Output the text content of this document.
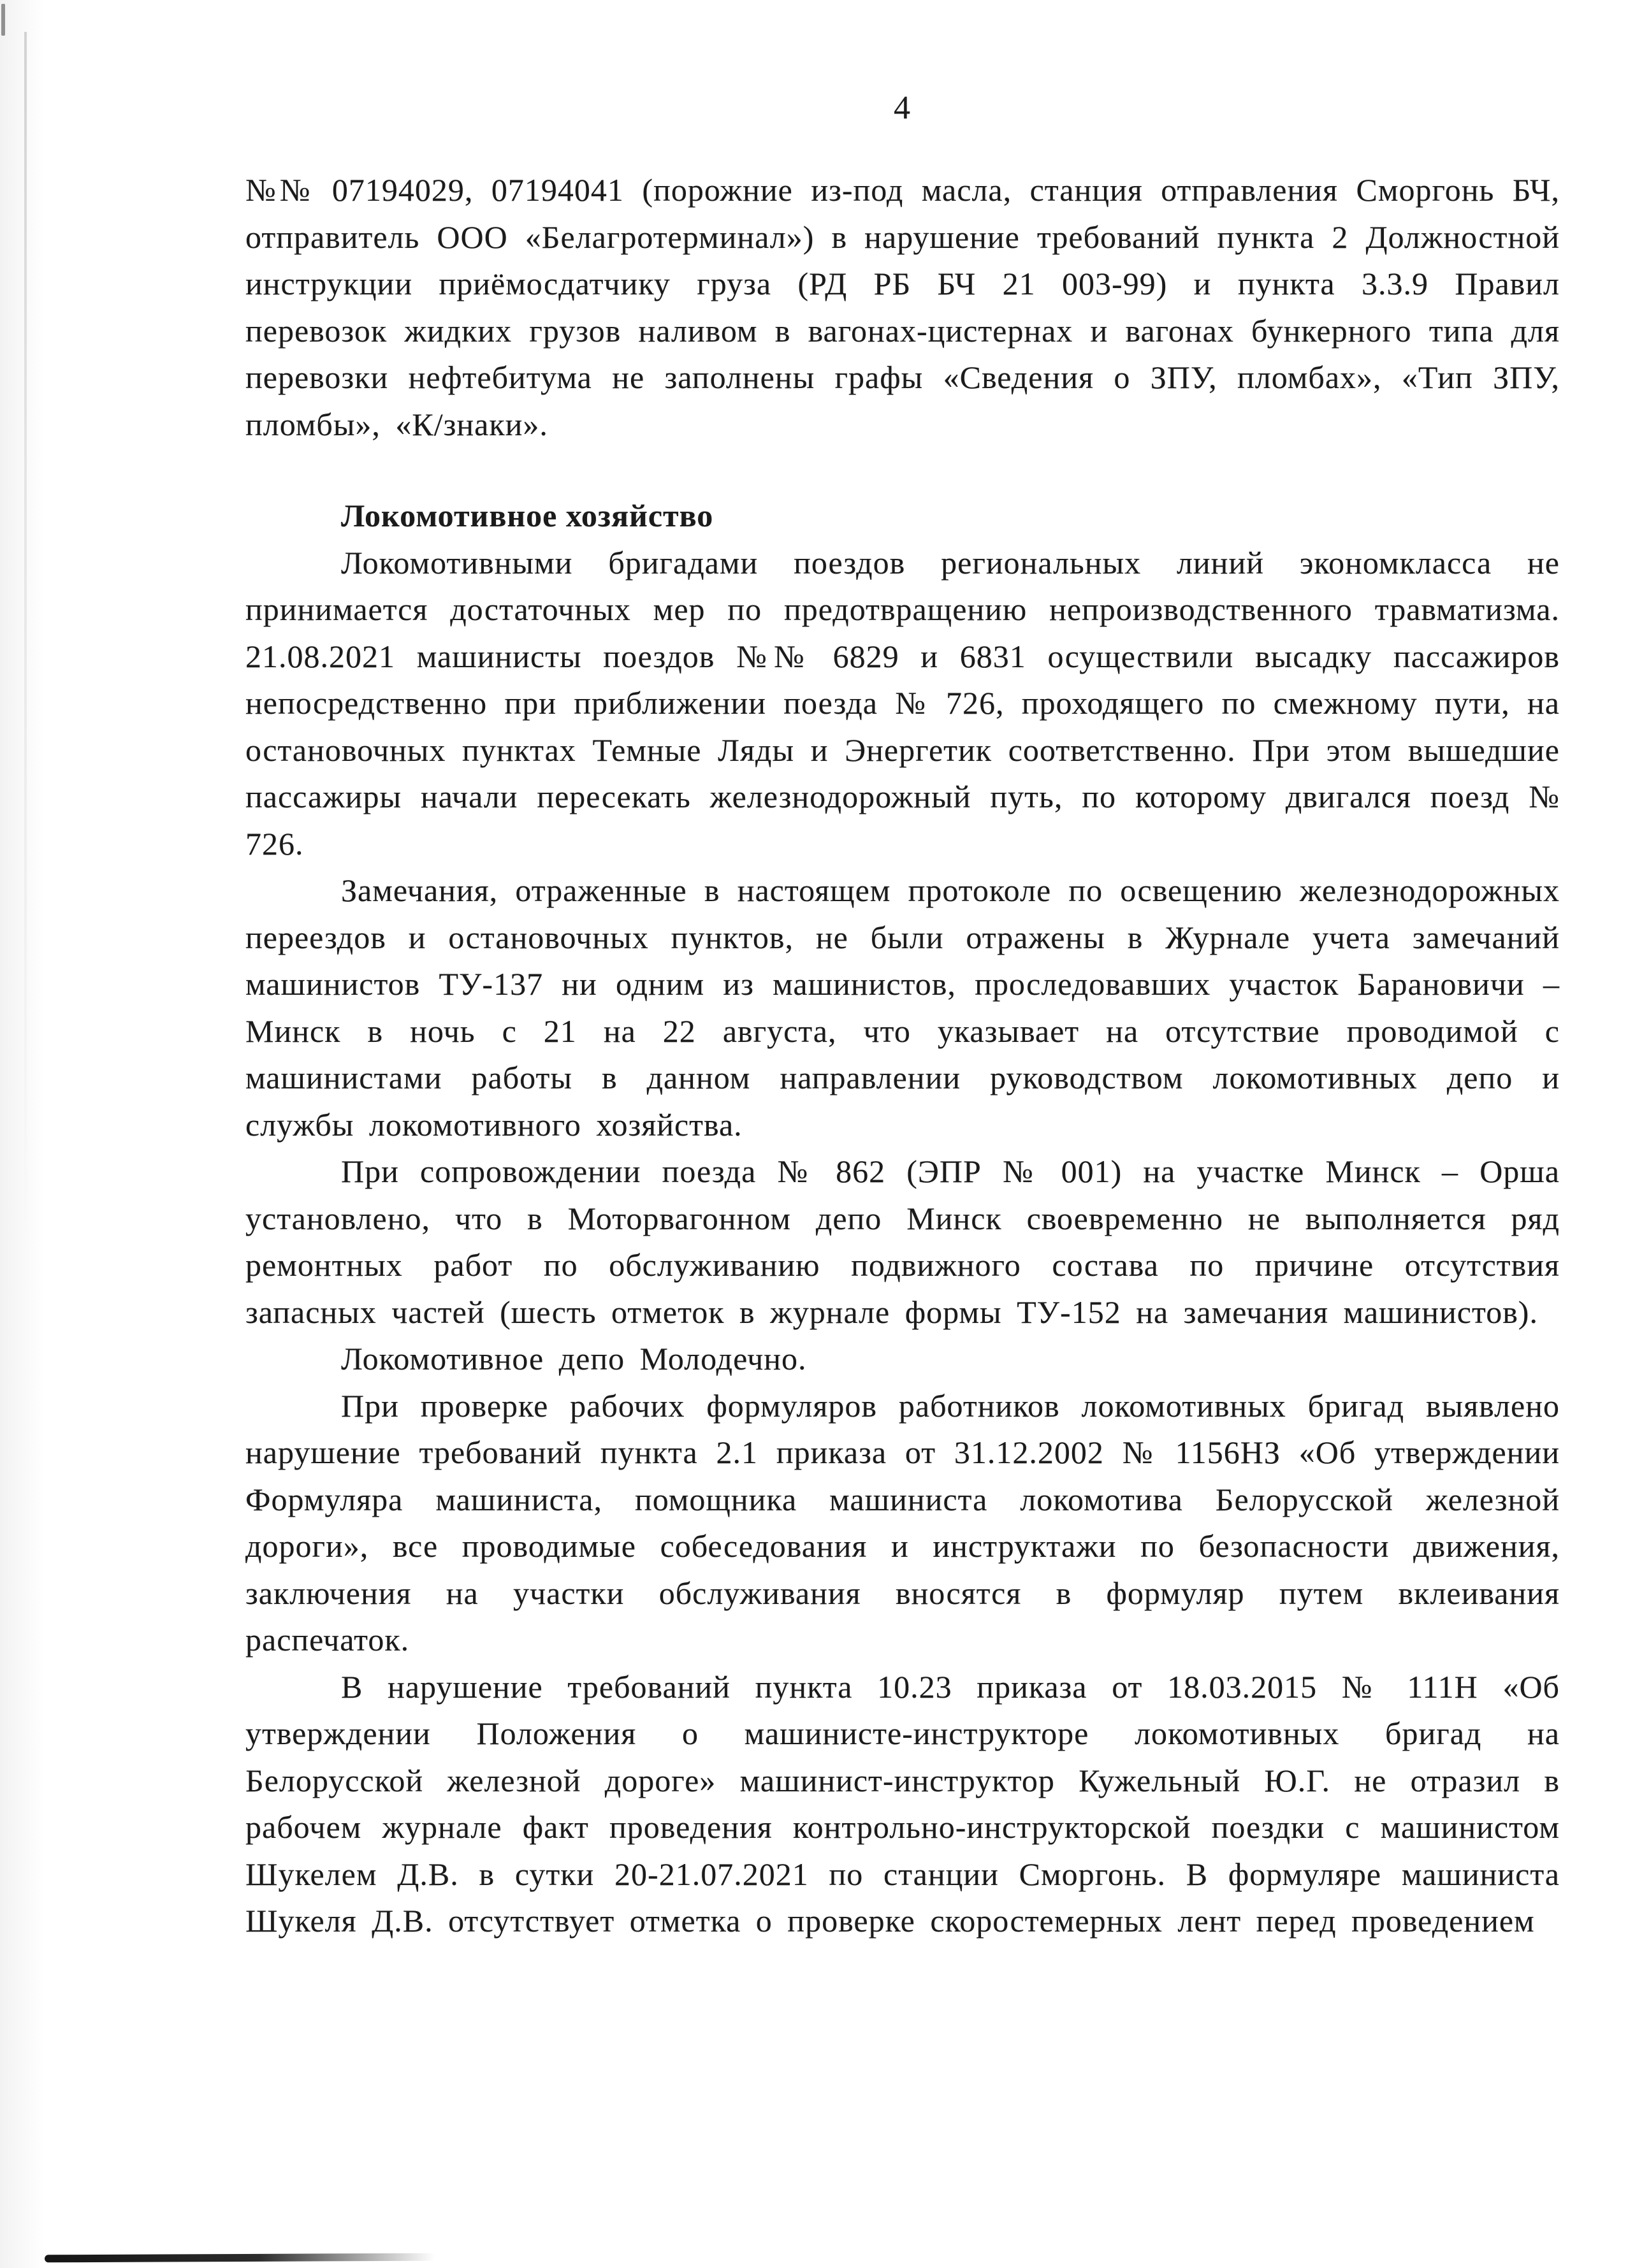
4

№№ 07194029, 07194041 (порожние из-под масла, станция отправления Сморгонь БЧ, отправитель ООО «Белагротерминал») в нарушение требований пункта 2 Должностной инструкции приёмосдатчику груза (РД РБ БЧ 21 003-99) и пункта 3.3.9 Правил перевозок жидких грузов наливом в вагонах-цистернах и вагонах бункерного типа для перевозки нефтебитума не заполнены графы «Сведения о ЗПУ, пломбах», «Тип ЗПУ, пломбы», «К/знаки».

Локомотивное хозяйство

Локомотивными бригадами поездов региональных линий экономкласса не принимается достаточных мер по предотвращению непроизводственного травматизма. 21.08.2021 машинисты поездов №№ 6829 и 6831 осуществили высадку пассажиров непосредственно при приближении поезда № 726, проходящего по смежному пути, на остановочных пунктах Темные Ляды и Энергетик соответственно. При этом вышедшие пассажиры начали пересекать железнодорожный путь, по которому двигался поезд № 726.

Замечания, отраженные в настоящем протоколе по освещению железнодорожных переездов и остановочных пунктов, не были отражены в Журнале учета замечаний машинистов ТУ-137 ни одним из машинистов, проследовавших участок Барановичи – Минск в ночь с 21 на 22 августа, что указывает на отсутствие проводимой с машинистами работы в данном направлении руководством локомотивных депо и службы локомотивного хозяйства.

При сопровождении поезда № 862 (ЭПР № 001) на участке Минск – Орша установлено, что в Моторвагонном депо Минск своевременно не выполняется ряд ремонтных работ по обслуживанию подвижного состава по причине отсутствия запасных частей (шесть отметок в журнале формы ТУ-152 на замечания машинистов).

Локомотивное депо Молодечно.

При проверке рабочих формуляров работников локомотивных бригад выявлено нарушение требований пункта 2.1 приказа от 31.12.2002 № 1156НЗ «Об утверждении Формуляра машиниста, помощника машиниста локомотива Белорусской железной дороги», все проводимые собеседования и инструктажи по безопасности движения, заключения на участки обслуживания вносятся в формуляр путем вклеивания распечаток.

В нарушение требований пункта 10.23 приказа от 18.03.2015 № 111Н «Об утверждении Положения о машинисте-инструкторе локомотивных бригад на Белорусской железной дороге» машинист-инструктор Кужельный Ю.Г. не отразил в рабочем журнале факт проведения контрольно-инструкторской поездки с машинистом Шукелем Д.В. в сутки 20-21.07.2021 по станции Сморгонь. В формуляре машиниста Шукеля Д.В. отсутствует отметка о проверке скоростемерных лент перед проведением
